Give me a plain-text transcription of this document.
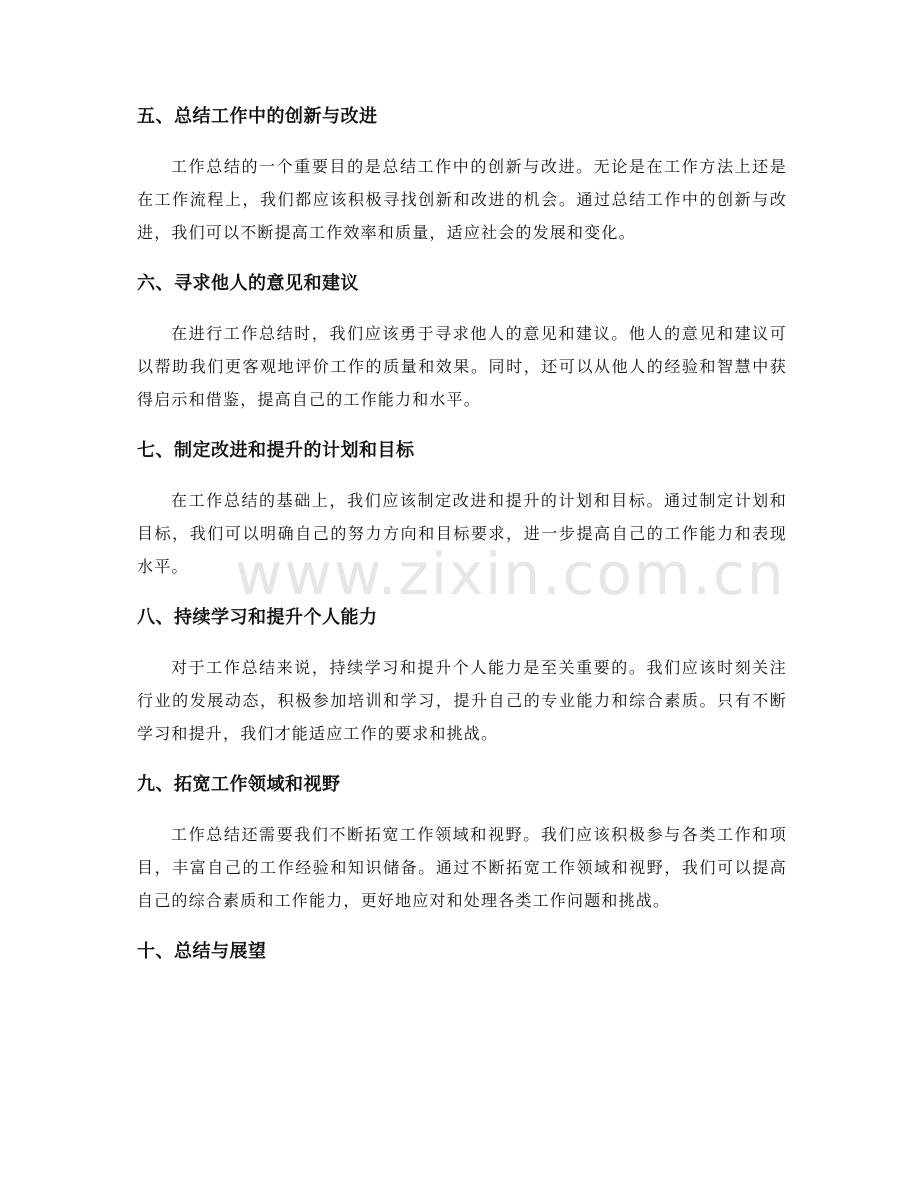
五、总结工作中的创新与改进

工作总结的一个重要目的是总结工作中的创新与改进。无论是在工作方法上还是在工作流程上，我们都应该积极寻找创新和改进的机会。通过总结工作中的创新与改进，我们可以不断提高工作效率和质量，适应社会的发展和变化。

六、寻求他人的意见和建议

在进行工作总结时，我们应该勇于寻求他人的意见和建议。他人的意见和建议可以帮助我们更客观地评价工作的质量和效果。同时，还可以从他人的经验和智慧中获得启示和借鉴，提高自己的工作能力和水平。

七、制定改进和提升的计划和目标

在工作总结的基础上，我们应该制定改进和提升的计划和目标。通过制定计划和目标，我们可以明确自己的努力方向和目标要求，进一步提高自己的工作能力和表现水平。

八、持续学习和提升个人能力

对于工作总结来说，持续学习和提升个人能力是至关重要的。我们应该时刻关注行业的发展动态，积极参加培训和学习，提升自己的专业能力和综合素质。只有不断学习和提升，我们才能适应工作的要求和挑战。

九、拓宽工作领域和视野

工作总结还需要我们不断拓宽工作领域和视野。我们应该积极参与各类工作和项目，丰富自己的工作经验和知识储备。通过不断拓宽工作领域和视野，我们可以提高自己的综合素质和工作能力，更好地应对和处理各类工作问题和挑战。

十、总结与展望
www.zixin.com.cn
